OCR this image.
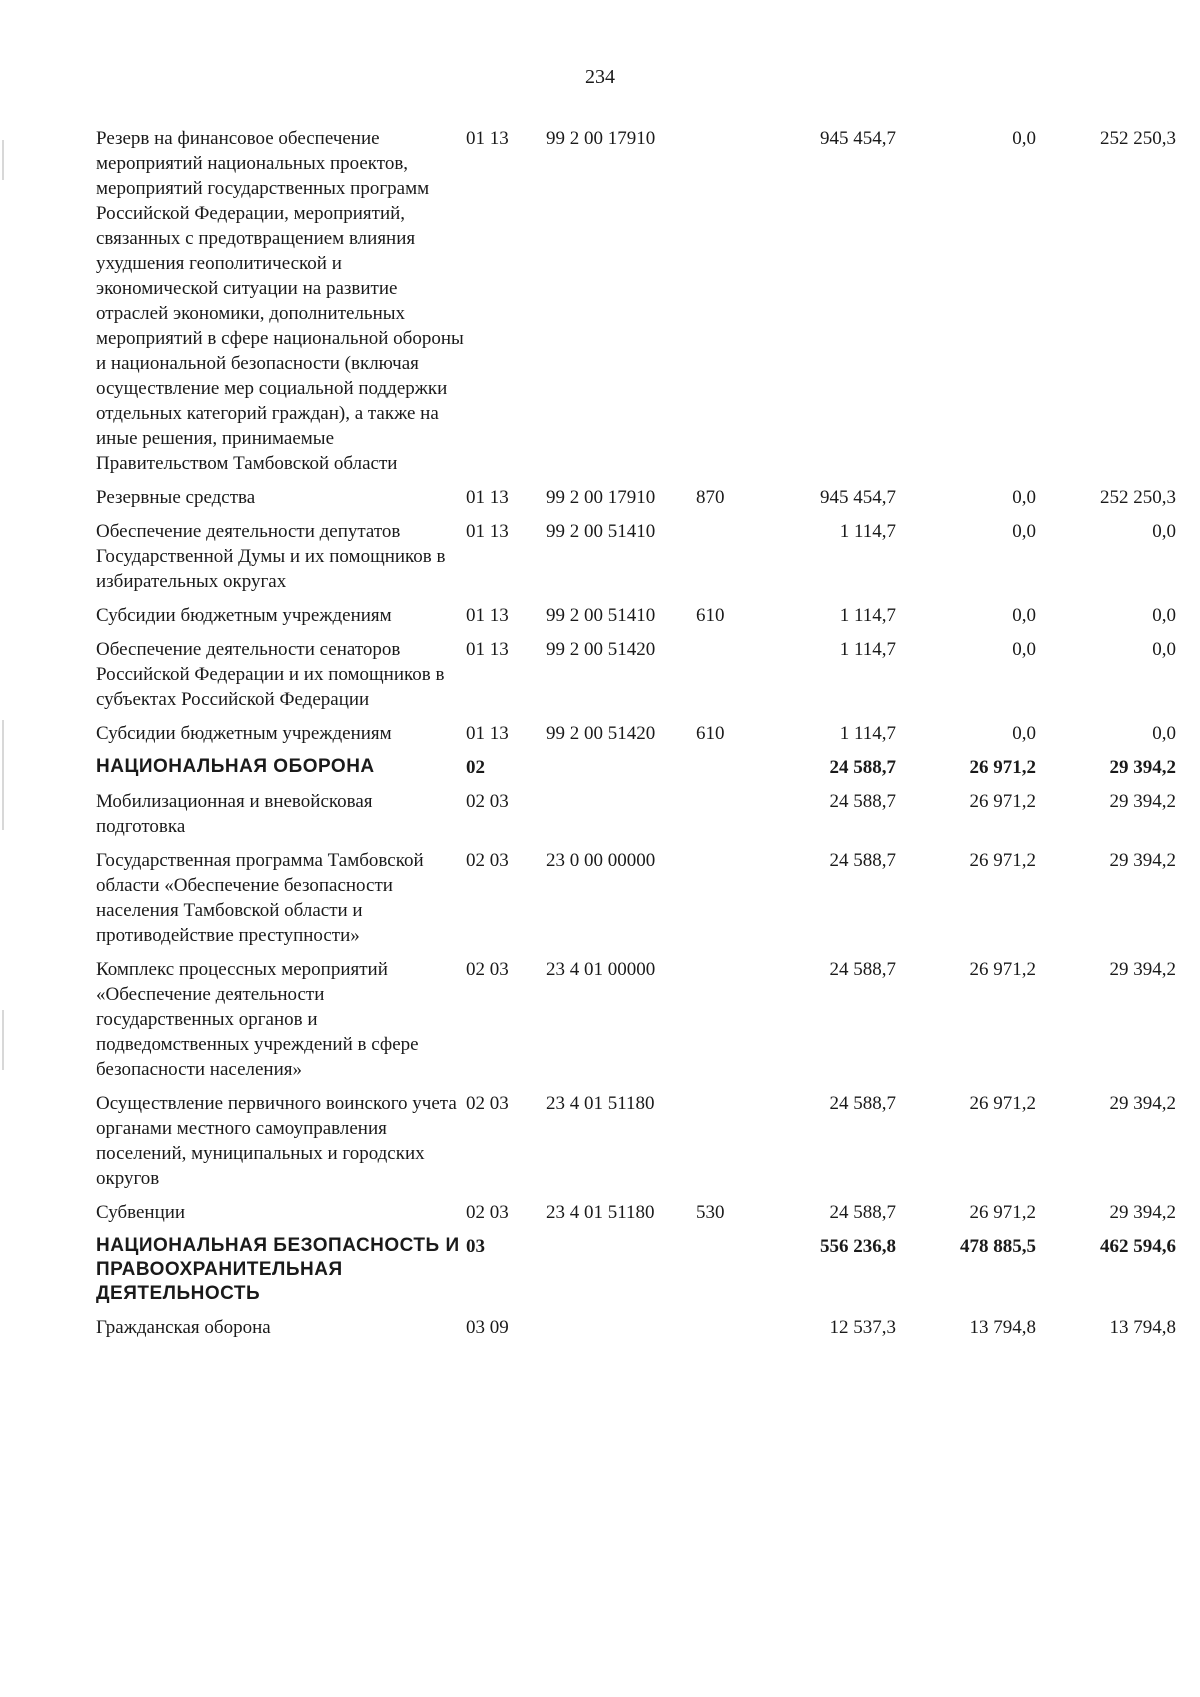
234
Резерв на финансовое обеспечение мероприятий национальных проектов, мероприятий государственных программ Российской Федерации, мероприятий, связанных с предотвращением влияния ухудшения геополитической и экономической ситуации на развитие отраслей экономики, дополнительных мероприятий в сфере национальной обороны и национальной безопасности (включая осуществление мер социальной поддержки отдельных категорий граждан), а также на иные решения, принимаемые Правительством Тамбовской области	01 13	99 2 00 17910		945 454,7	0,0	252 250,3
Резервные средства	01 13	99 2 00 17910	870	945 454,7	0,0	252 250,3
Обеспечение деятельности депутатов Государственной Думы и их помощников в избирательных округах	01 13	99 2 00 51410		1 114,7	0,0	0,0
Субсидии бюджетным учреждениям	01 13	99 2 00 51410	610	1 114,7	0,0	0,0
Обеспечение деятельности сенаторов Российской Федерации и их помощников в субъектах Российской Федерации	01 13	99 2 00 51420		1 114,7	0,0	0,0
Субсидии бюджетным учреждениям	01 13	99 2 00 51420	610	1 114,7	0,0	0,0
НАЦИОНАЛЬНАЯ ОБОРОНА	02			24 588,7	26 971,2	29 394,2
Мобилизационная и вневойсковая подготовка	02 03			24 588,7	26 971,2	29 394,2
Государственная программа Тамбовской области «Обеспечение безопасности населения Тамбовской области и противодействие преступности»	02 03	23 0 00 00000		24 588,7	26 971,2	29 394,2
Комплекс процессных мероприятий «Обеспечение деятельности государственных органов и подведомственных учреждений в сфере безопасности населения»	02 03	23 4 01 00000		24 588,7	26 971,2	29 394,2
Осуществление первичного воинского учета органами местного самоуправления поселений, муниципальных и городских округов	02 03	23 4 01 51180		24 588,7	26 971,2	29 394,2
Субвенции	02 03	23 4 01 51180	530	24 588,7	26 971,2	29 394,2
НАЦИОНАЛЬНАЯ БЕЗОПАСНОСТЬ И ПРАВООХРАНИТЕЛЬНАЯ ДЕЯТЕЛЬНОСТЬ	03			556 236,8	478 885,5	462 594,6
Гражданская оборона	03 09			12 537,3	13 794,8	13 794,8
